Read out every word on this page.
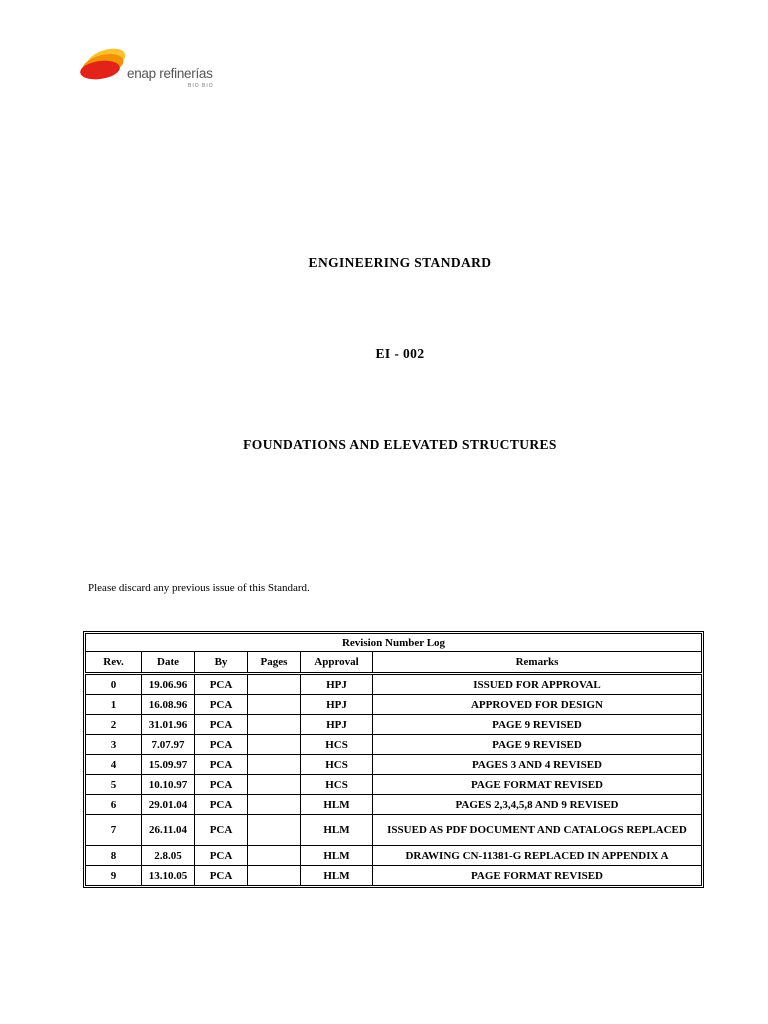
enap refinerías
BIO BIO
ENGINEERING STANDARD
EI - 002
FOUNDATIONS AND ELEVATED STRUCTURES
Please discard any previous issue of this Standard.
Revision Number Log					
Rev.	Date	By	Pages	Approval	Remarks
0	19.06.96	PCA		HPJ	ISSUED FOR APPROVAL
1	16.08.96	PCA		HPJ	APPROVED FOR DESIGN
2	31.01.96	PCA		HPJ	PAGE 9 REVISED
3	7.07.97	PCA		HCS	PAGE 9 REVISED
4	15.09.97	PCA		HCS	PAGES 3 AND 4 REVISED
5	10.10.97	PCA		HCS	PAGE FORMAT REVISED
6	29.01.04	PCA		HLM	PAGES 2,3,4,5,8 AND 9 REVISED
7	26.11.04	PCA		HLM	ISSUED AS PDF DOCUMENT AND CATALOGS REPLACED
8	2.8.05	PCA		HLM	DRAWING CN-11381-G REPLACED IN APPENDIX A
9	13.10.05	PCA		HLM	PAGE FORMAT REVISED
